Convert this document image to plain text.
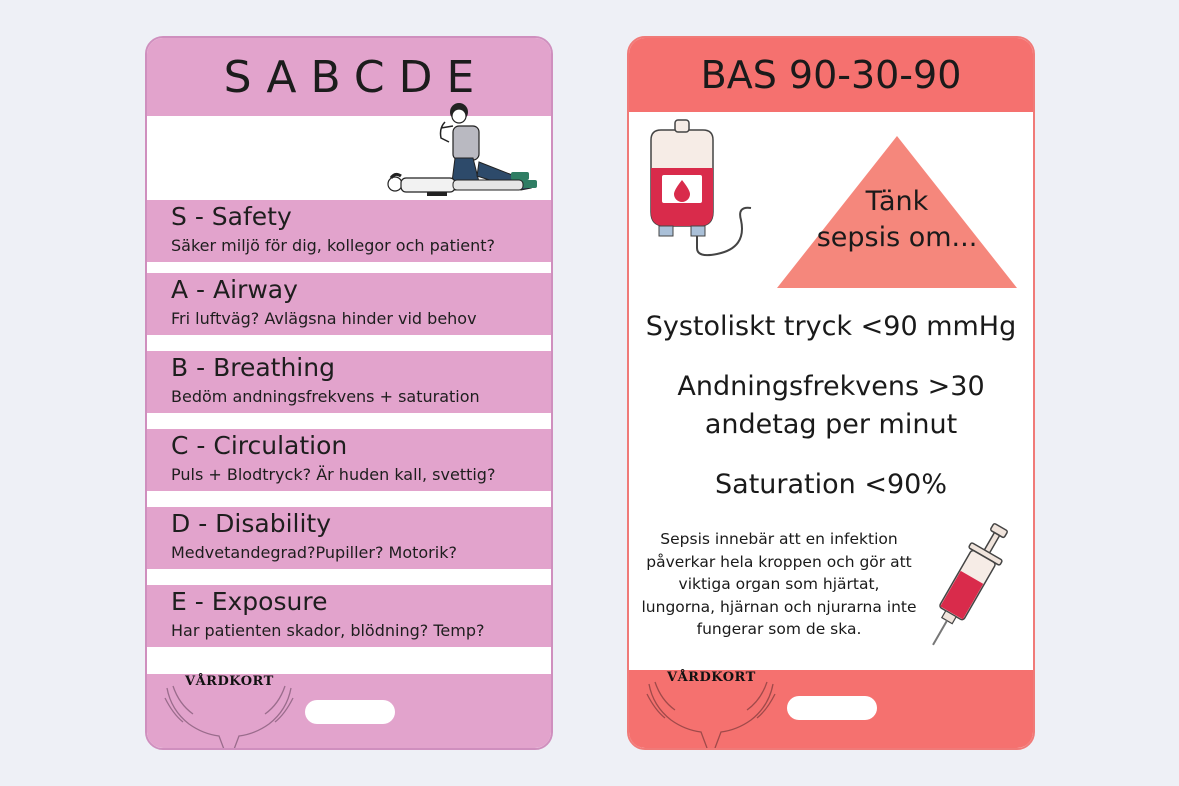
SABCDE
S - Safety
Säker miljö för dig, kollegor och patient?
A - Airway
Fri luftväg? Avlägsna hinder vid behov
B - Breathing
Bedöm andningsfrekvens + saturation
C - Circulation
Puls + Blodtryck? Är huden kall, svettig?
D - Disability
Medvetandegrad?Pupiller? Motorik?
E - Exposure
Har patienten skador, blödning? Temp?
VÅRDKORT
BAS 90-30-90
Tänk
sepsis om...
Systoliskt tryck <90 mmHg
Andningsfrekvens >30
andetag per minut
Saturation <90%
Sepsis innebär att en infektion påverkar hela kroppen och gör att viktiga organ som hjärtat, lungorna, hjärnan och njurarna inte fungerar som de ska.
VÅRDKORT
